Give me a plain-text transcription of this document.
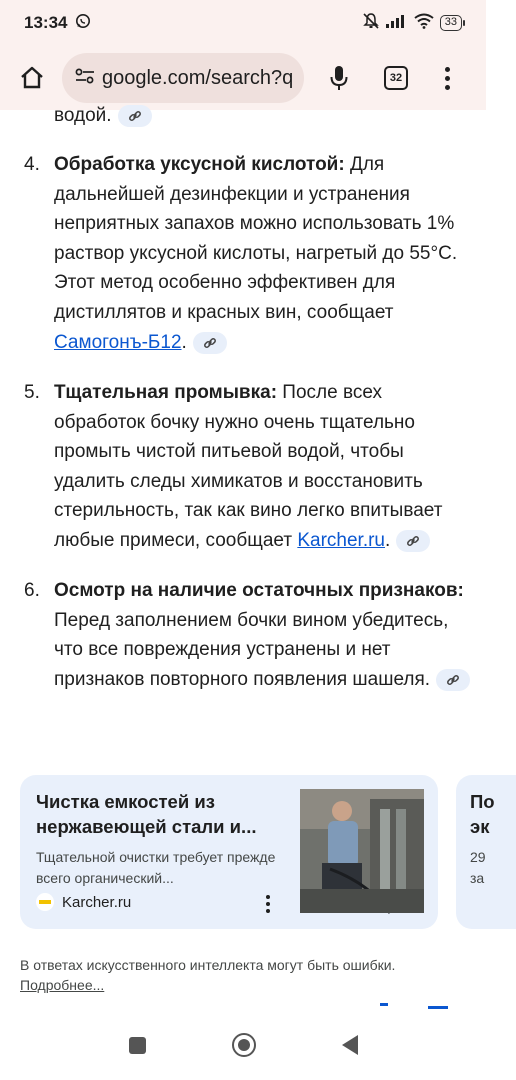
13:34	33
google.com/search?q	32
водой.
4. Обработка уксусной кислотой: Для дальнейшей дезинфекции и устранения неприятных запахов можно использовать 1% раствор уксусной кислоты, нагретый до 55°C. Этот метод особенно эффективен для дистиллятов и красных вин, сообщает Самогонъ-Б12.
5. Тщательная промывка: После всех обработок бочку нужно очень тщательно промыть чистой питьевой водой, чтобы удалить следы химикатов и восстановить стерильность, так как вино легко впитывает любые примеси, сообщает Karcher.ru.
6. Осмотр на наличие остаточных признаков: Перед заполнением бочки вином убедитесь, что все повреждения устранены и нет признаков повторного появления шашеля.
Чистка емкостей из нержавеющей стали и...
Тщательной очистки требует прежде всего органический...
Karcher.ru
По
эк
29
за
В ответах искусственного интеллекта могут быть ошибки.
Подробнее...
